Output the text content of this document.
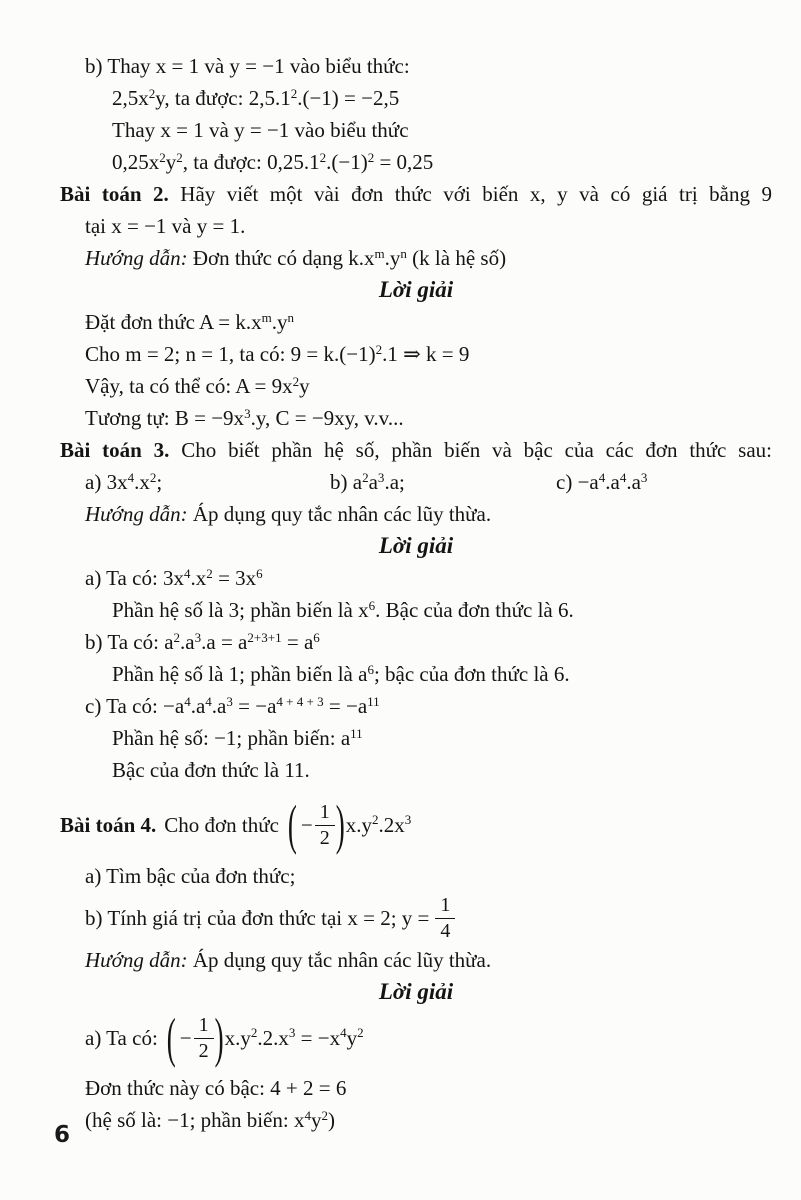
b) Thay x = 1 và y = −1 vào biểu thức:
$2,5x^2y$, ta được: $2,5.1^2.(-1) = -2,5$
Thay x = 1 và y = −1 vào biểu thức
$0,25x^2y^2$, ta được: $0,25.1^2.(-1)^2 = 0,25$
Bài toán 2. Hãy viết một vài đơn thức với biến x, y và có giá trị bằng 9
tại x = −1 và y = 1.
Hướng dẫn: Đơn thức có dạng $k.x^m.y^n$ (k là hệ số)
Lời giải
Đặt đơn thức $A = k.x^m.y^n$
Cho m = 2; n = 1, ta có: $9 = k.(-1)^2.1$ ⇒ k = 9
Vậy, ta có thể có: $A = 9x^2y$
Tương tự: $B = -9x^3.y$, C = −9xy, v.v...
Bài toán 3. Cho biết phần hệ số, phần biến và bậc của các đơn thức sau:
a) $3x^4.x^2$;	b) $a^2a^3.a$;	$c) -a^4.a^4.a^3$
Hướng dẫn: Áp dụng quy tắc nhân các lũy thừa.
Lời giải
a) Ta có: $3x^4.x^2 = 3x^6$
Phần hệ số là 3; phần biến là $x^6$. Bậc của đơn thức là 6.
b) Ta có: $a^2.a^3.a = a^{2+3+1} = a^6$
Phần hệ số là 1; phần biến là $a^6$; bậc của đơn thức là 6.
c) Ta có: $-a^4.a^4.a^3 = -a^{4 + 4 + 3} = -a^{11}$
Phần hệ số: −1; phần biến: $a^{11}$
Bậc của đơn thức là 11.
Bài toán 4. Cho đơn thức ( − $\frac{1}{2}$ ) $x.y^2.2x^3$
a) Tìm bậc của đơn thức;
b) Tính giá trị của đơn thức tại x = 2; $y = \frac{1}{4}$
Hướng dẫn: Áp dụng quy tắc nhân các lũy thừa.
Lời giải
a) Ta có: ( − $\frac{1}{2}$ ) $x.y^2.2.x^3 = -x^4y^2$
Đơn thức này có bậc: 4 + 2 = 6
(hệ số là: −1; phần biến: $x^4y^2$)
6
